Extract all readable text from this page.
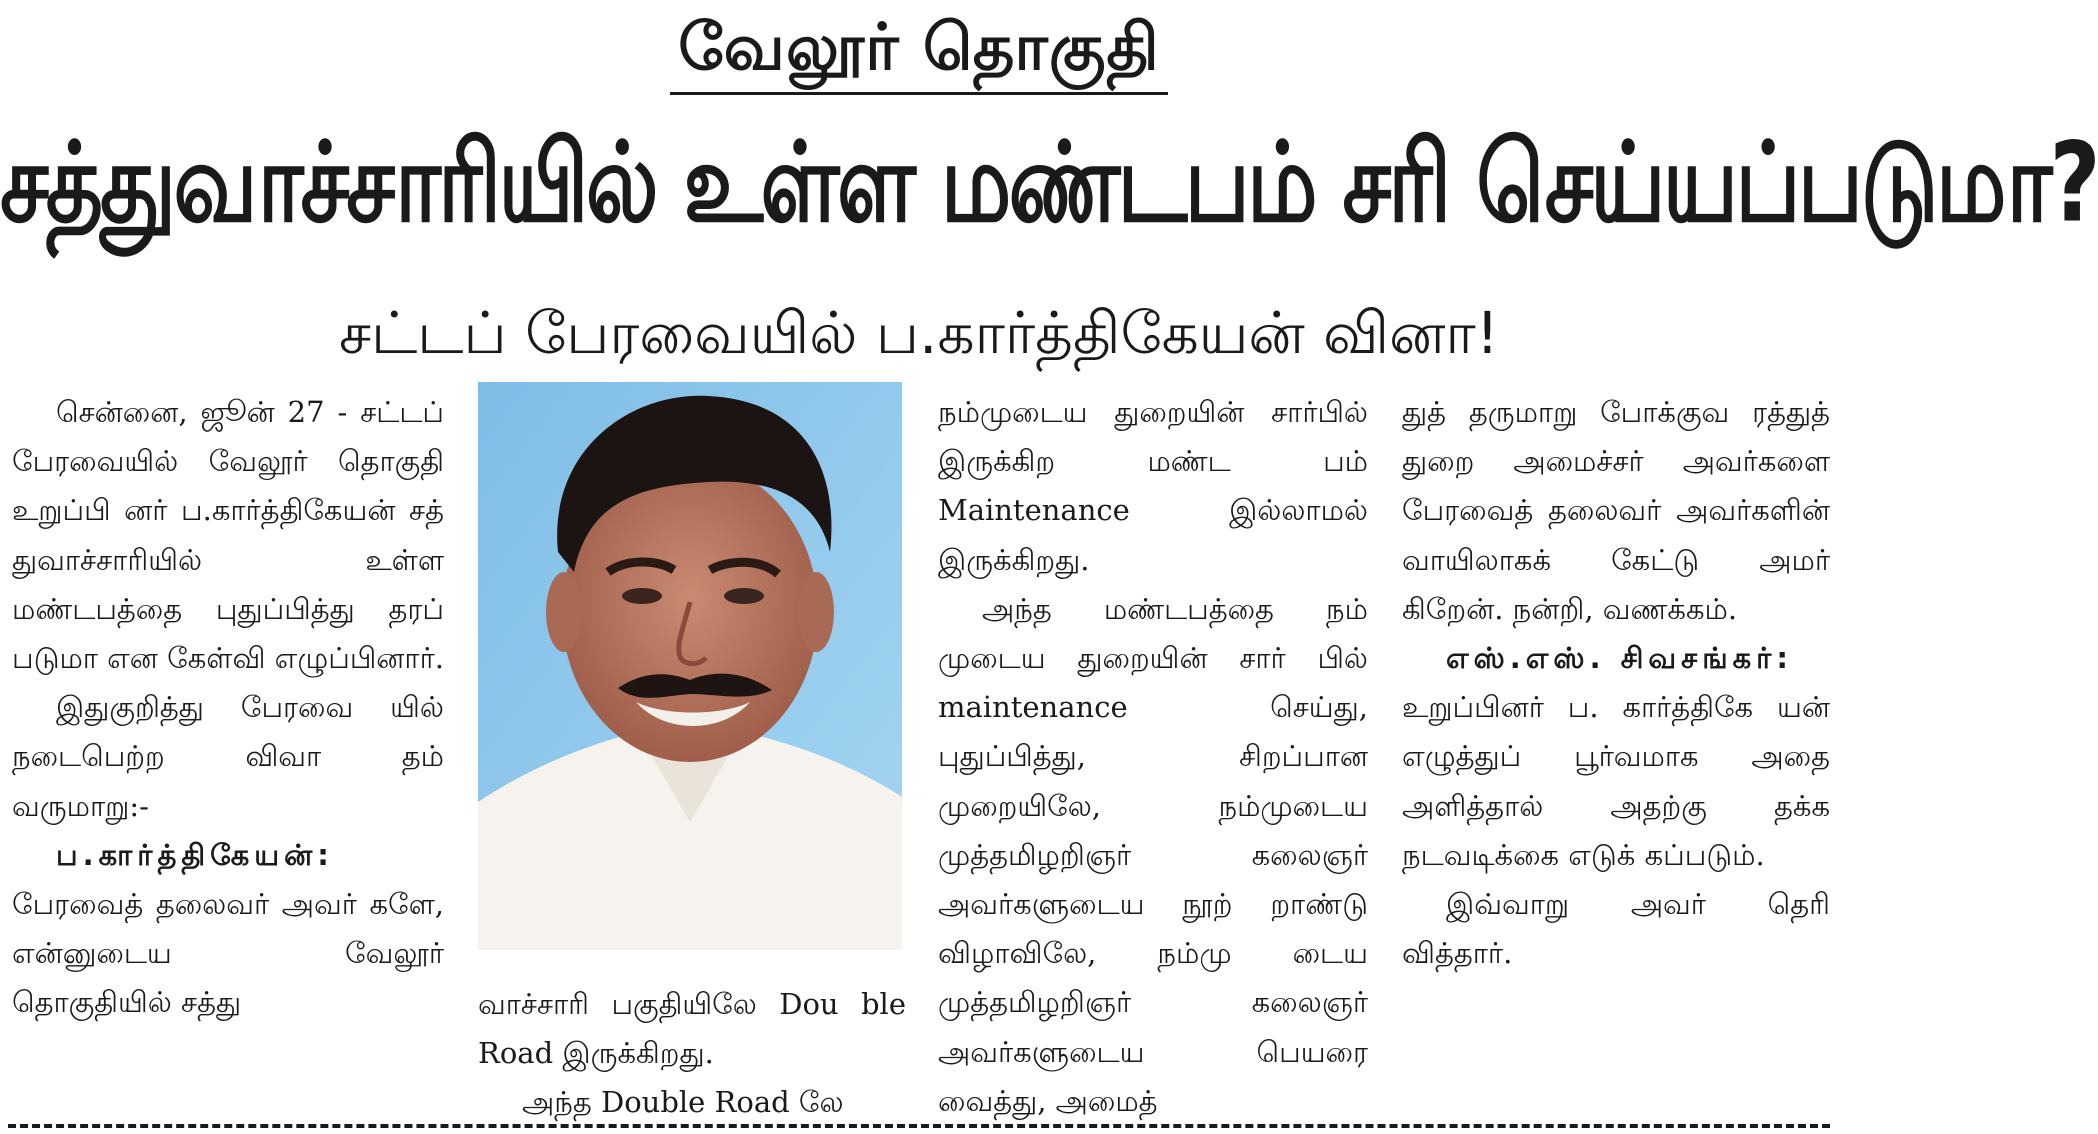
வேலூர் தொகுதி
சத்துவாச்சாரியில் உள்ள மண்டபம் சரி செய்யப்படுமா?
சட்டப் பேரவையில் ப.கார்த்திகேயன் வினா!

சென்னை, ஜூன் 27 - சட்டப் பேரவையில் வேலூர் தொகுதி உறுப்பி னர் ப.கார்த்திகேயன் சத் துவாச்சாரியில் உள்ள மண்டபத்தை புதுப்பித்து தரப் படுமா என கேள்வி எழுப்பினார்.

இதுகுறித்து பேரவை யில் நடைபெற்ற விவா தம் வருமாறு:-

ப.கார்த்திகேயன்:

பேரவைத் தலைவர் அவர் களே, என்னுடைய வேலூர் தொகுதியில் சத்து	வாச்சாரி பகுதியிலே Dou ble Road இருக்கிறது.

அந்த Double Road லே

நம்முடைய துறையின் சார்பில் இருக்கிற மண்ட பம் Maintenance இல்லாமல் இருக்கிறது.

அந்த மண்டபத்தை நம் முடைய துறையின் சார் பில் maintenance செய்து, புதுப்பித்து, சிறப்பான முறையிலே, நம்முடைய முத்தமிழறிஞர் கலைஞர் அவர்களுடைய நூற் றாண்டு விழாவிலே, நம்மு டைய முத்தமிழறிஞர் கலைஞர் அவர்களுடைய பெயரை வைத்து, அமைத்

துத் தருமாறு போக்குவ ரத்துத் துறை அமைச்சர் அவர்களை பேரவைத் தலைவர் அவர்களின் வாயிலாகக் கேட்டு அமர் கிறேன். நன்றி, வணக்கம்.

எஸ்.எஸ். சிவசங்கர்:

உறுப்பினர் ப. கார்த்திகே யன் எழுத்துப் பூர்வமாக அதை அளித்தால் அதற்கு தக்க நடவடிக்கை எடுக் கப்படும்.

இவ்வாறு அவர் தெரி வித்தார்.
